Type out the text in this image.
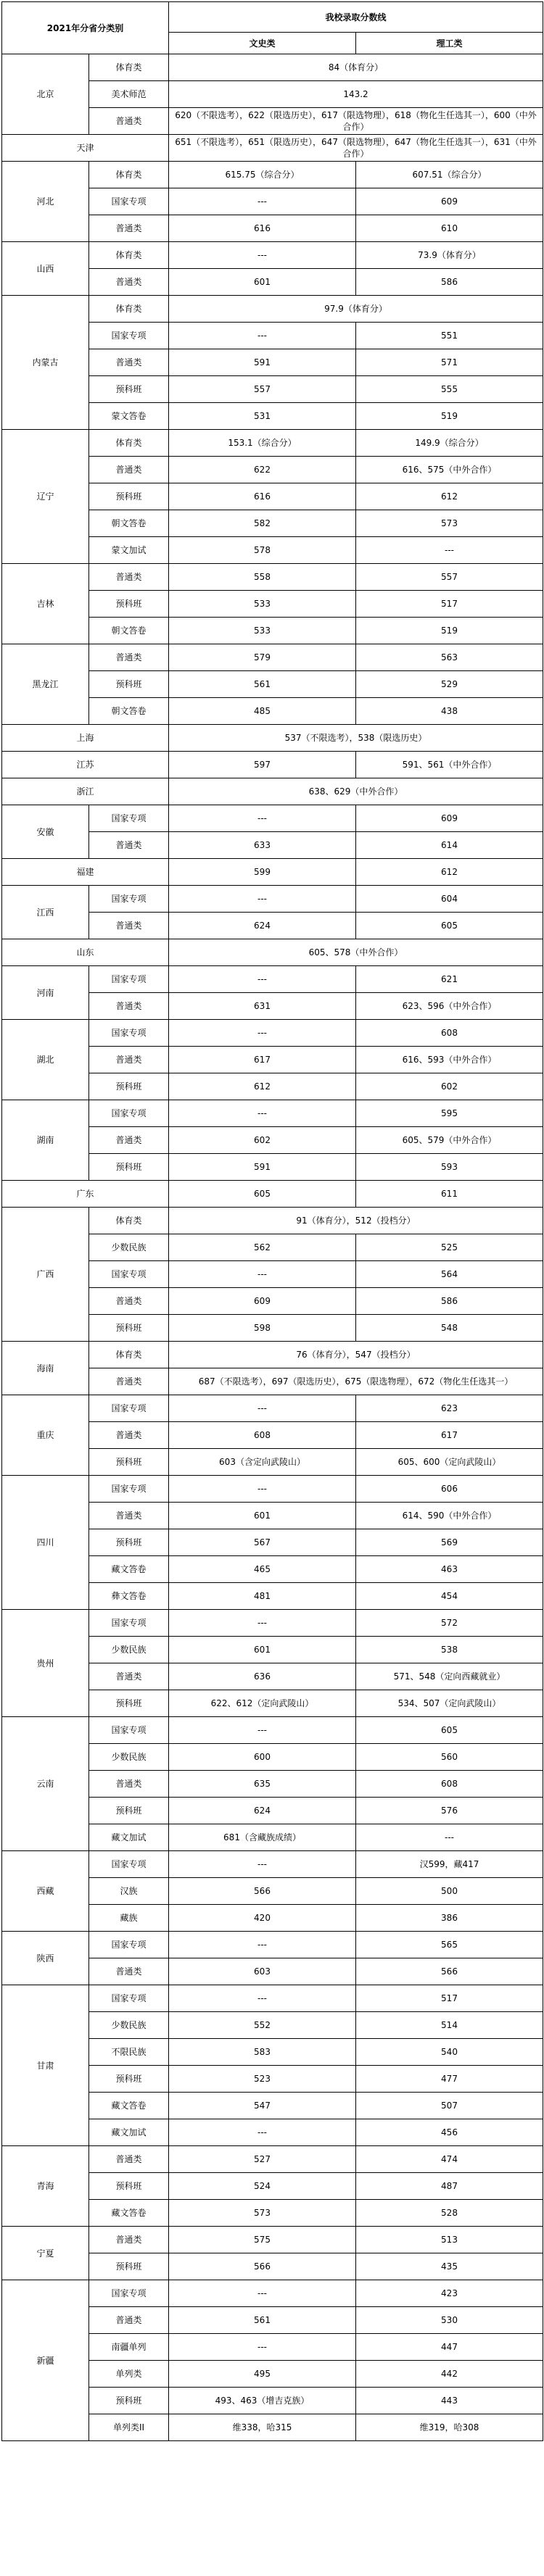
2021年分省分类别		我校录取分数线	
		文史类	理工类
北京	体育类	84（体育分）	
	美术师范	143.2	
	普通类	620（不限选考），622（限选历史），617（限选物理），618（物化生任选其一），600（中外合作）	
天津		651（不限选考），651（限选历史），647（限选物理），647（物化生任选其一），631（中外合作）	
河北	体育类	615.75（综合分）	607.51（综合分）
	国家专项	---	609
	普通类	616	610
山西	体育类	---	73.9（体育分）
	普通类	601	586
内蒙古	体育类	97.9（体育分）	
	国家专项	---	551
	普通类	591	571
	预科班	557	555
	蒙文答卷	531	519
辽宁	体育类	153.1（综合分）	149.9（综合分）
	普通类	622	616、575（中外合作）
	预科班	616	612
	朝文答卷	582	573
	蒙文加试	578	---
吉林	普通类	558	557
	预科班	533	517
	朝文答卷	533	519
黑龙江	普通类	579	563
	预科班	561	529
	朝文答卷	485	438
上海		537（不限选考），538（限选历史）	
江苏		597	591、561（中外合作）
浙江		638、629（中外合作）	
安徽	国家专项	---	609
	普通类	633	614
福建		599	612
江西	国家专项	---	604
	普通类	624	605
山东		605、578（中外合作）	
河南	国家专项	---	621
	普通类	631	623、596（中外合作）
湖北	国家专项	---	608
	普通类	617	616、593（中外合作）
	预科班	612	602
湖南	国家专项	---	595
	普通类	602	605、579（中外合作）
	预科班	591	593
广东		605	611
广西	体育类	91（体育分），512（投档分）	
	少数民族	562	525
	国家专项	---	564
	普通类	609	586
	预科班	598	548
海南	体育类	76（体育分），547（投档分）	
	普通类	687（不限选考），697（限选历史），675（限选物理），672（物化生任选其一）	
重庆	国家专项	---	623
	普通类	608	617
	预科班	603（含定向武陵山）	605、600（定向武陵山）
四川	国家专项	---	606
	普通类	601	614、590（中外合作）
	预科班	567	569
	藏文答卷	465	463
	彝文答卷	481	454
贵州	国家专项	---	572
	少数民族	601	538
	普通类	636	571、548（定向西藏就业）
	预科班	622、612（定向武陵山）	534、507（定向武陵山）
云南	国家专项	---	605
	少数民族	600	560
	普通类	635	608
	预科班	624	576
	藏文加试	681（含藏族成绩）	---
西藏	国家专项	---	汉599，藏417
	汉族	566	500
	藏族	420	386
陕西	国家专项	---	565
	普通类	603	566
甘肃	国家专项	---	517
	少数民族	552	514
	不限民族	583	540
	预科班	523	477
	藏文答卷	547	507
	藏文加试	---	456
青海	普通类	527	474
	预科班	524	487
	藏文答卷	573	528
宁夏	普通类	575	513
	预科班	566	435
新疆	国家专项	---	423
	普通类	561	530
	南疆单列	---	447
	单列类	495	442
	预科班	493、463（增吉克族）	443
	单列类II	维338，哈315	维319，哈308
